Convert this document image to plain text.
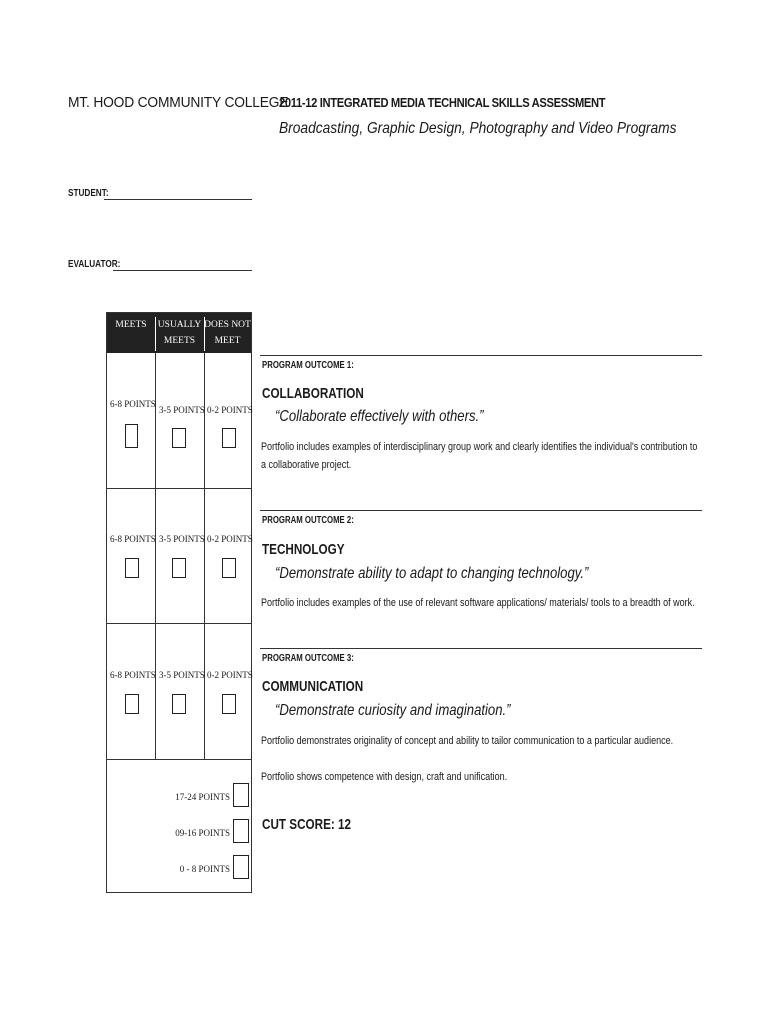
MT. HOOD COMMUNITY COLLEGE
2011-12 INTEGRATED MEDIA TECHNICAL SKILLS ASSESSMENT
Broadcasting, Graphic Design, Photography and Video Programs
STUDENT:
EVALUATOR:
MEETS	USUALLY
MEETS
DOES NOT
MEET
6-8 POINTS
3-5 POINTS 0-2 POINTS
6-8 POINTS 3-5 POINTS 0-2 POINTS
6-8 POINTS 3-5 POINTS 0-2 POINTS
17-24 POINTS
09-16 POINTS
0 - 8 POINTS
PROGRAM OUTCOME 1:
COLLABORATION
“Collaborate effectively with others.”
Portfolio includes examples of interdisciplinary group work and clearly identifies the individual's contribution to a collaborative project.
PROGRAM OUTCOME 2:
TECHNOLOGY
“Demonstrate ability to adapt to changing technology.”
Portfolio includes examples of the use of relevant software applications/ materials/ tools to a breadth of work.
PROGRAM OUTCOME 3:
COMMUNICATION
“Demonstrate curiosity and imagination.”
Portfolio demonstrates originality of concept and ability to tailor communication to a particular audience.
Portfolio shows competence with design, craft and unification.
CUT SCORE: 12
